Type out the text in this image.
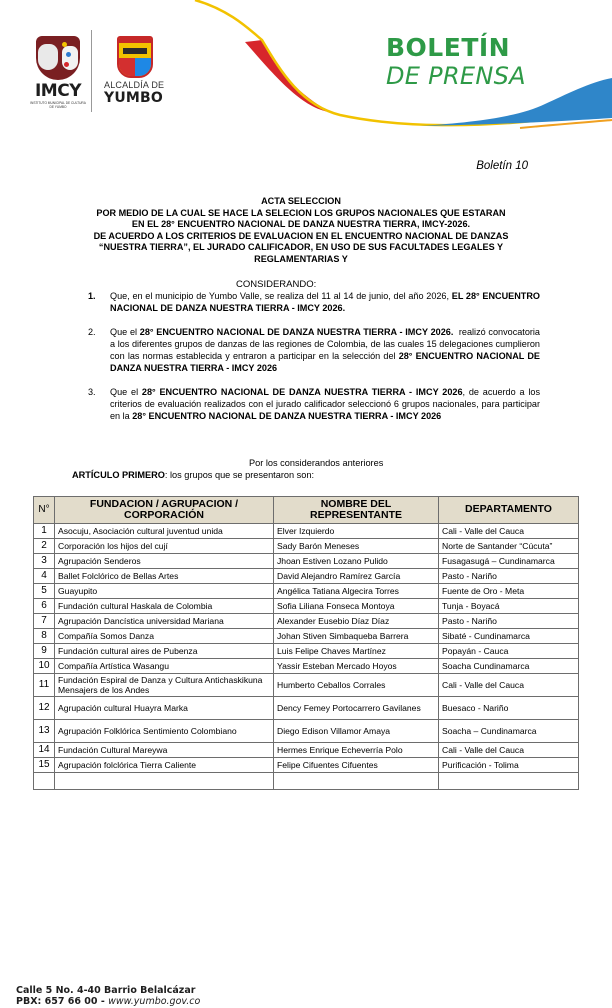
IMCY
INSTITUTO MUNICIPAL DE CULTURA DE YUMBO
ALCALDÍA DE
YUMBO
BOLETÍN
DE PRENSA
Boletín 10
ACTA SELECCION
POR MEDIO DE LA CUAL SE HACE LA SELECION LOS GRUPOS NACIONALES QUE ESTARAN
EN EL 28° ENCUENTRO NACIONAL DE DANZA NUESTRA TIERRA, IMCY-2026.
DE ACUERDO A LOS CRITERIOS DE EVALUACION EN EL ENCUENTRO NACIONAL DE DANZAS
“NUESTRA TIERRA”, EL JURADO CALIFICADOR, EN USO DE SUS FACULTADES LEGALES Y
REGLAMENTARIAS Y
CONSIDERANDO:
1. Que, en el municipio de Yumbo Valle, se realiza del 11 al 14 de junio, del año 2026, EL 28° ENCUENTRO NACIONAL DE DANZA NUESTRA TIERRA - IMCY 2026.
2. Que el 28° ENCUENTRO NACIONAL DE DANZA NUESTRA TIERRA - IMCY 2026.  realizó convocatoria a los diferentes grupos de danzas de las regiones de Colombia, de las cuales 15 delegaciones cumplieron con las normas establecida y entraron a participar en la selección del 28° ENCUENTRO NACIONAL DE DANZA NUESTRA TIERRA - IMCY 2026
3. Que el 28° ENCUENTRO NACIONAL DE DANZA NUESTRA TIERRA - IMCY 2026, de acuerdo a los criterios de evaluación realizados con el jurado calificador seleccionó 6 grupos nacionales, para participar en la 28° ENCUENTRO NACIONAL DE DANZA NUESTRA TIERRA - IMCY 2026
Por los considerandos anteriores
ARTÍCULO PRIMERO: los grupos que se presentaron son:
N°	FUNDACION / AGRUPACION / CORPORACIÓN	NOMBRE DEL REPRESENTANTE	DEPARTAMENTO
1	Asocuju, Asociación cultural juventud unida	Elver Izquierdo	Cali - Valle del Cauca
2	Corporación los hijos del cují	Sady Barón Meneses	Norte de Santander “Cúcuta”
3	Agrupación Senderos	Jhoan Estiven Lozano Pulido	Fusagasugá – Cundinamarca
4	Ballet Folclórico de Bellas Artes	David Alejandro Ramírez García	Pasto - Nariño
5	Guayupito	Angélica Tatiana Algecira Torres	Fuente de Oro - Meta
6	Fundación cultural Haskala de Colombia	Sofia Liliana Fonseca Montoya	Tunja - Boyacá
7	Agrupación Dancística universidad Mariana	Alexander Eusebio Díaz Díaz	Pasto - Nariño
8	Compañía Somos Danza	Johan Stiven Simbaqueba Barrera	Sibaté - Cundinamarca
9	Fundación cultural aires de Pubenza	Luis Felipe Chaves Martínez	Popayán - Cauca
10	Compañía Artística Wasangu	Yassir Esteban Mercado Hoyos	Soacha Cundinamarca
11	Fundación Espiral de Danza y Cultura Antichaskikuna Mensajers de los Andes	Humberto Ceballos Corrales	Cali - Valle del Cauca
12	Agrupación cultural Huayra Marka	Dency Femey Portocarrero Gavilanes	Buesaco - Nariño
13	Agrupación Folklórica Sentimiento Colombiano	Diego Edison Villamor Amaya	Soacha – Cundinamarca
14	Fundación Cultural Mareywa	Hermes Enrique Echeverría Polo	Cali - Valle del Cauca
15	Agrupación folclórica Tierra Caliente	Felipe Cifuentes Cifuentes	Purificación - Tolima

Calle 5 No. 4-40 Barrio Belalcázar
PBX: 657 66 00 - www.yumbo.gov.co
